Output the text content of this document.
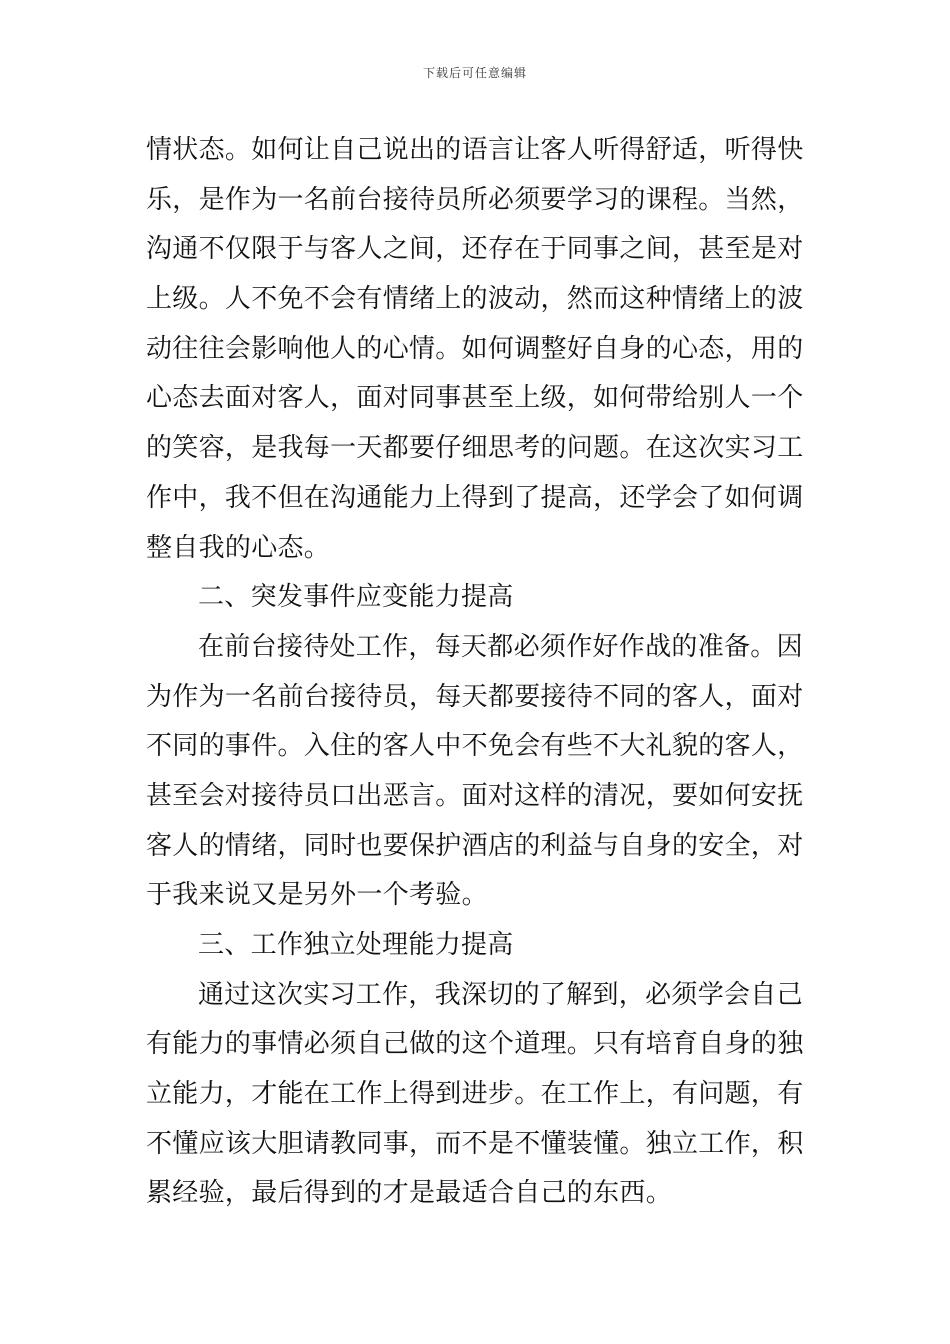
下载后可任意编辑
情状态。如何让自己说出的语言让客人听得舒适，听得快
乐，是作为一名前台接待员所必须要学习的课程。当然，
沟通不仅限于与客人之间，还存在于同事之间，甚至是对
上级。人不免不会有情绪上的波动，然而这种情绪上的波
动往往会影响他人的心情。如何调整好自身的心态，用的
心态去面对客人，面对同事甚至上级，如何带给别人一个
的笑容，是我每一天都要仔细思考的问题。在这次实习工
作中，我不但在沟通能力上得到了提高，还学会了如何调
整自我的心态。
二、突发事件应变能力提高
在前台接待处工作，每天都必须作好作战的准备。因
为作为一名前台接待员，每天都要接待不同的客人，面对
不同的事件。入住的客人中不免会有些不大礼貌的客人，
甚至会对接待员口出恶言。面对这样的清况，要如何安抚
客人的情绪，同时也要保护酒店的利益与自身的安全，对
于我来说又是另外一个考验。
三、工作独立处理能力提高
通过这次实习工作，我深切的了解到，必须学会自己
有能力的事情必须自己做的这个道理。只有培育自身的独
立能力，才能在工作上得到进步。在工作上，有问题，有
不懂应该大胆请教同事，而不是不懂装懂。独立工作，积
累经验，最后得到的才是最适合自己的东西。
